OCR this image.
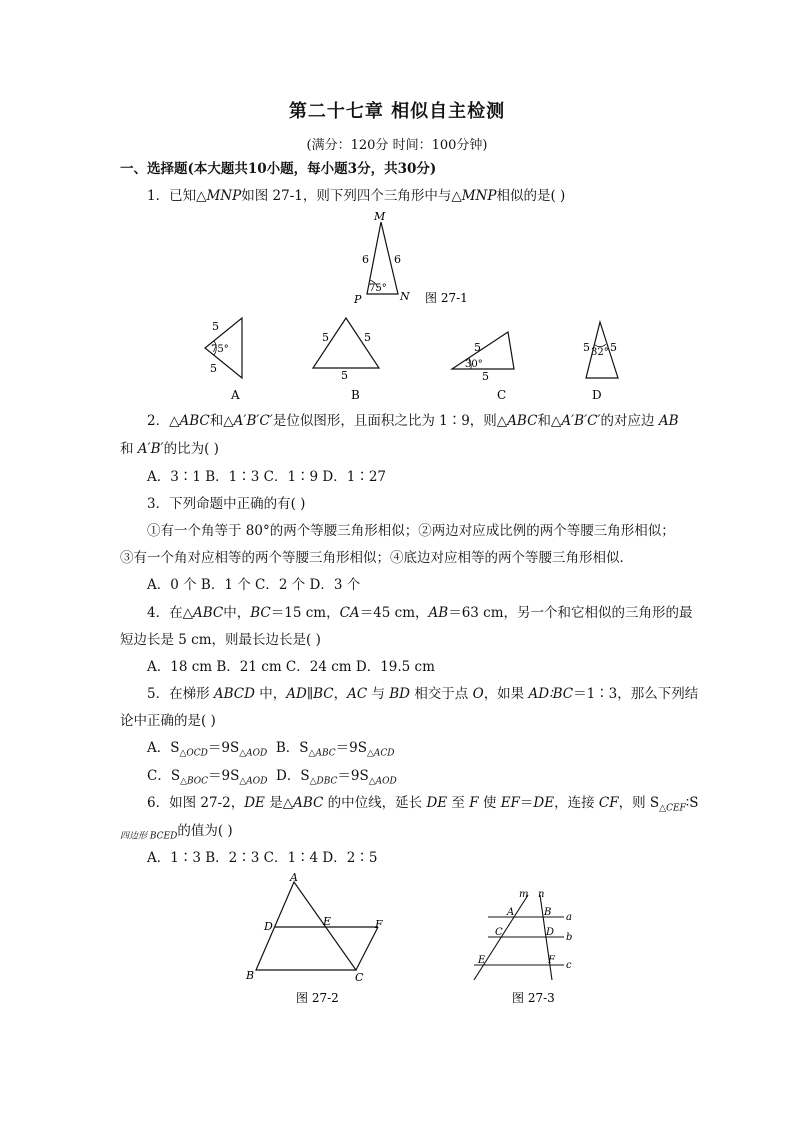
第二十七章 相似自主检测
(满分：120分 时间：100分钟)
一、选择题(本大题共10小题，每小题3分，共30分)
1．已知△MNP如图 27-1，则下列四个三角形中与△MNP相似的是( )
M
P	N
6 6
75°
图 27-1
5
5
75°
A
5	5
5
B
5
5
30°
C
5 5
32°
D
2．△ABC和△A′B′C′是位似图形，且面积之比为 1∶9，则△ABC和△A′B′C′的对应边 AB
和 A′B′的比为( )
A．3∶1 B．1∶3 C．1∶9 D．1∶27
3．下列命题中正确的有( )
①有一个角等于 80°的两个等腰三角形相似；②两边对应成比例的两个等腰三角形相似；
③有一个角对应相等的两个等腰三角形相似；④底边对应相等的两个等腰三角形相似．
A．0 个 B．1 个 C．2 个 D．3 个
4．在△ABC中，BC＝15 cm，CA＝45 cm，AB＝63 cm，另一个和它相似的三角形的最
短边长是 5 cm，则最长边长是( )
A．18 cm B．21 cm C．24 cm D．19.5 cm
5．在梯形 ABCD 中，AD∥BC，AC 与 BD 相交于点 O，如果 AD∶BC＝1∶3，那么下列结
论中正确的是( )
A．$S_{\triangle OCD}=9S_{\triangle AOD}$ B．$S_{\triangle ABC}=9S_{\triangle ACD}$
C．$S_{\triangle BOC}=9S_{\triangle AOD}$ D．$S_{\triangle DBC}=9S_{\triangle AOD}$
6．如图 27-2，DE 是△ABC 的中位线，延长 DE 至 F 使 EF＝DE，连接 CF，则 $S_{\triangle CEF}∶S$
$_{四边形 BCED}$的值为( )
A．1∶3 B．2∶3 C．1∶4 D．2∶5
A
B	C
D	E	F
图 27-2
m n
A	B
C	D
E	F
a
b
c
图 27-3
